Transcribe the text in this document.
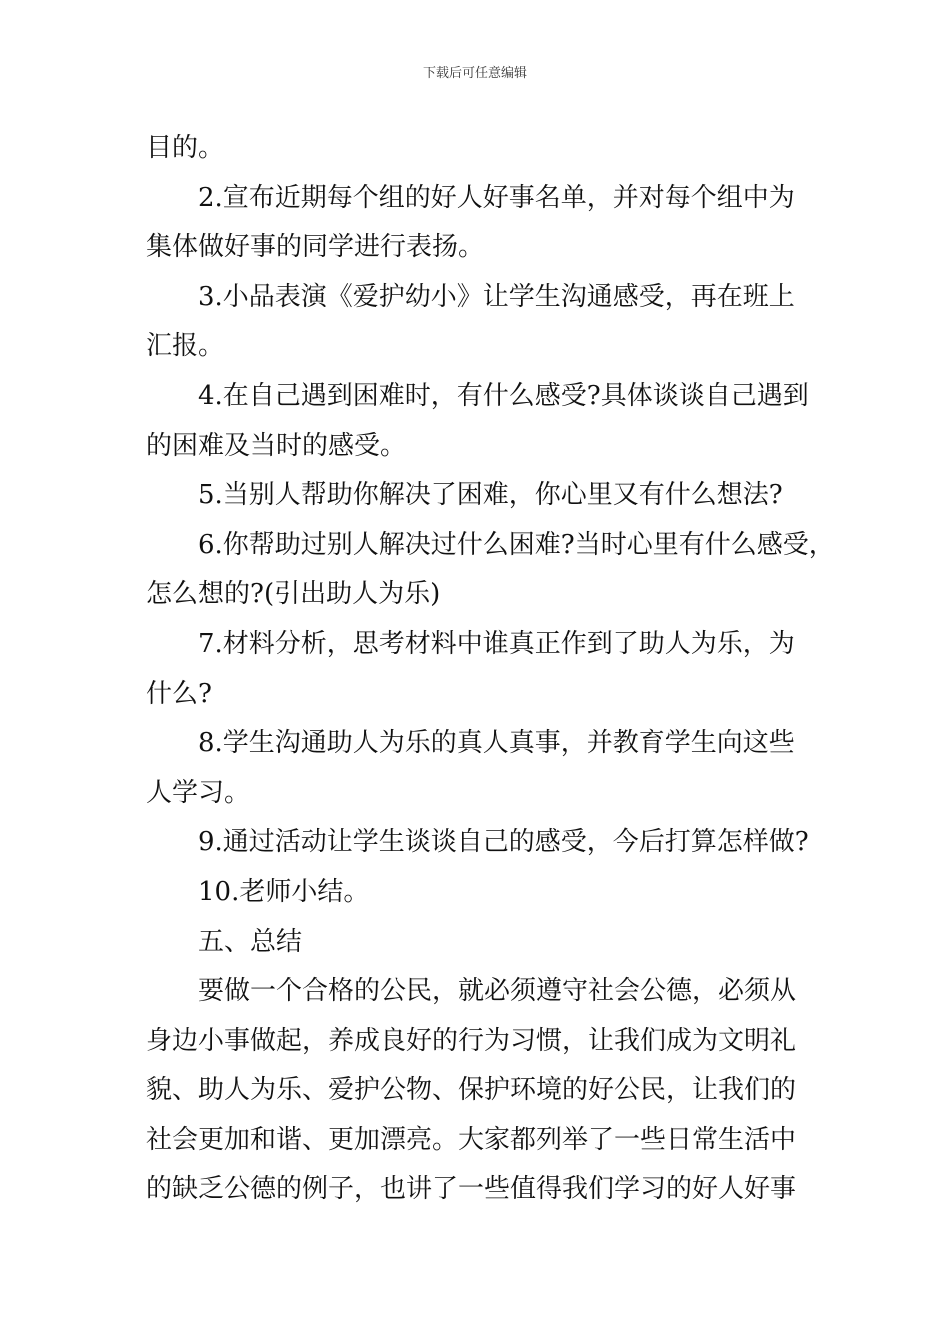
下载后可任意编辑
目的。
2.宣布近期每个组的好人好事名单，并对每个组中为
集体做好事的同学进行表扬。
3.小品表演《爱护幼小》让学生沟通感受，再在班上
汇报。
4.在自己遇到困难时，有什么感受?具体谈谈自己遇到
的困难及当时的感受。
5.当别人帮助你解决了困难，你心里又有什么想法?
6.你帮助过别人解决过什么困难?当时心里有什么感受，
怎么想的?(引出助人为乐)
7.材料分析，思考材料中谁真正作到了助人为乐，为
什么?
8.学生沟通助人为乐的真人真事，并教育学生向这些
人学习。
9.通过活动让学生谈谈自己的感受，今后打算怎样做?
10.老师小结。
五、总结
要做一个合格的公民，就必须遵守社会公德，必须从
身边小事做起，养成良好的行为习惯，让我们成为文明礼
貌、助人为乐、爱护公物、保护环境的好公民，让我们的
社会更加和谐、更加漂亮。大家都列举了一些日常生活中
的缺乏公德的例子，也讲了一些值得我们学习的好人好事
